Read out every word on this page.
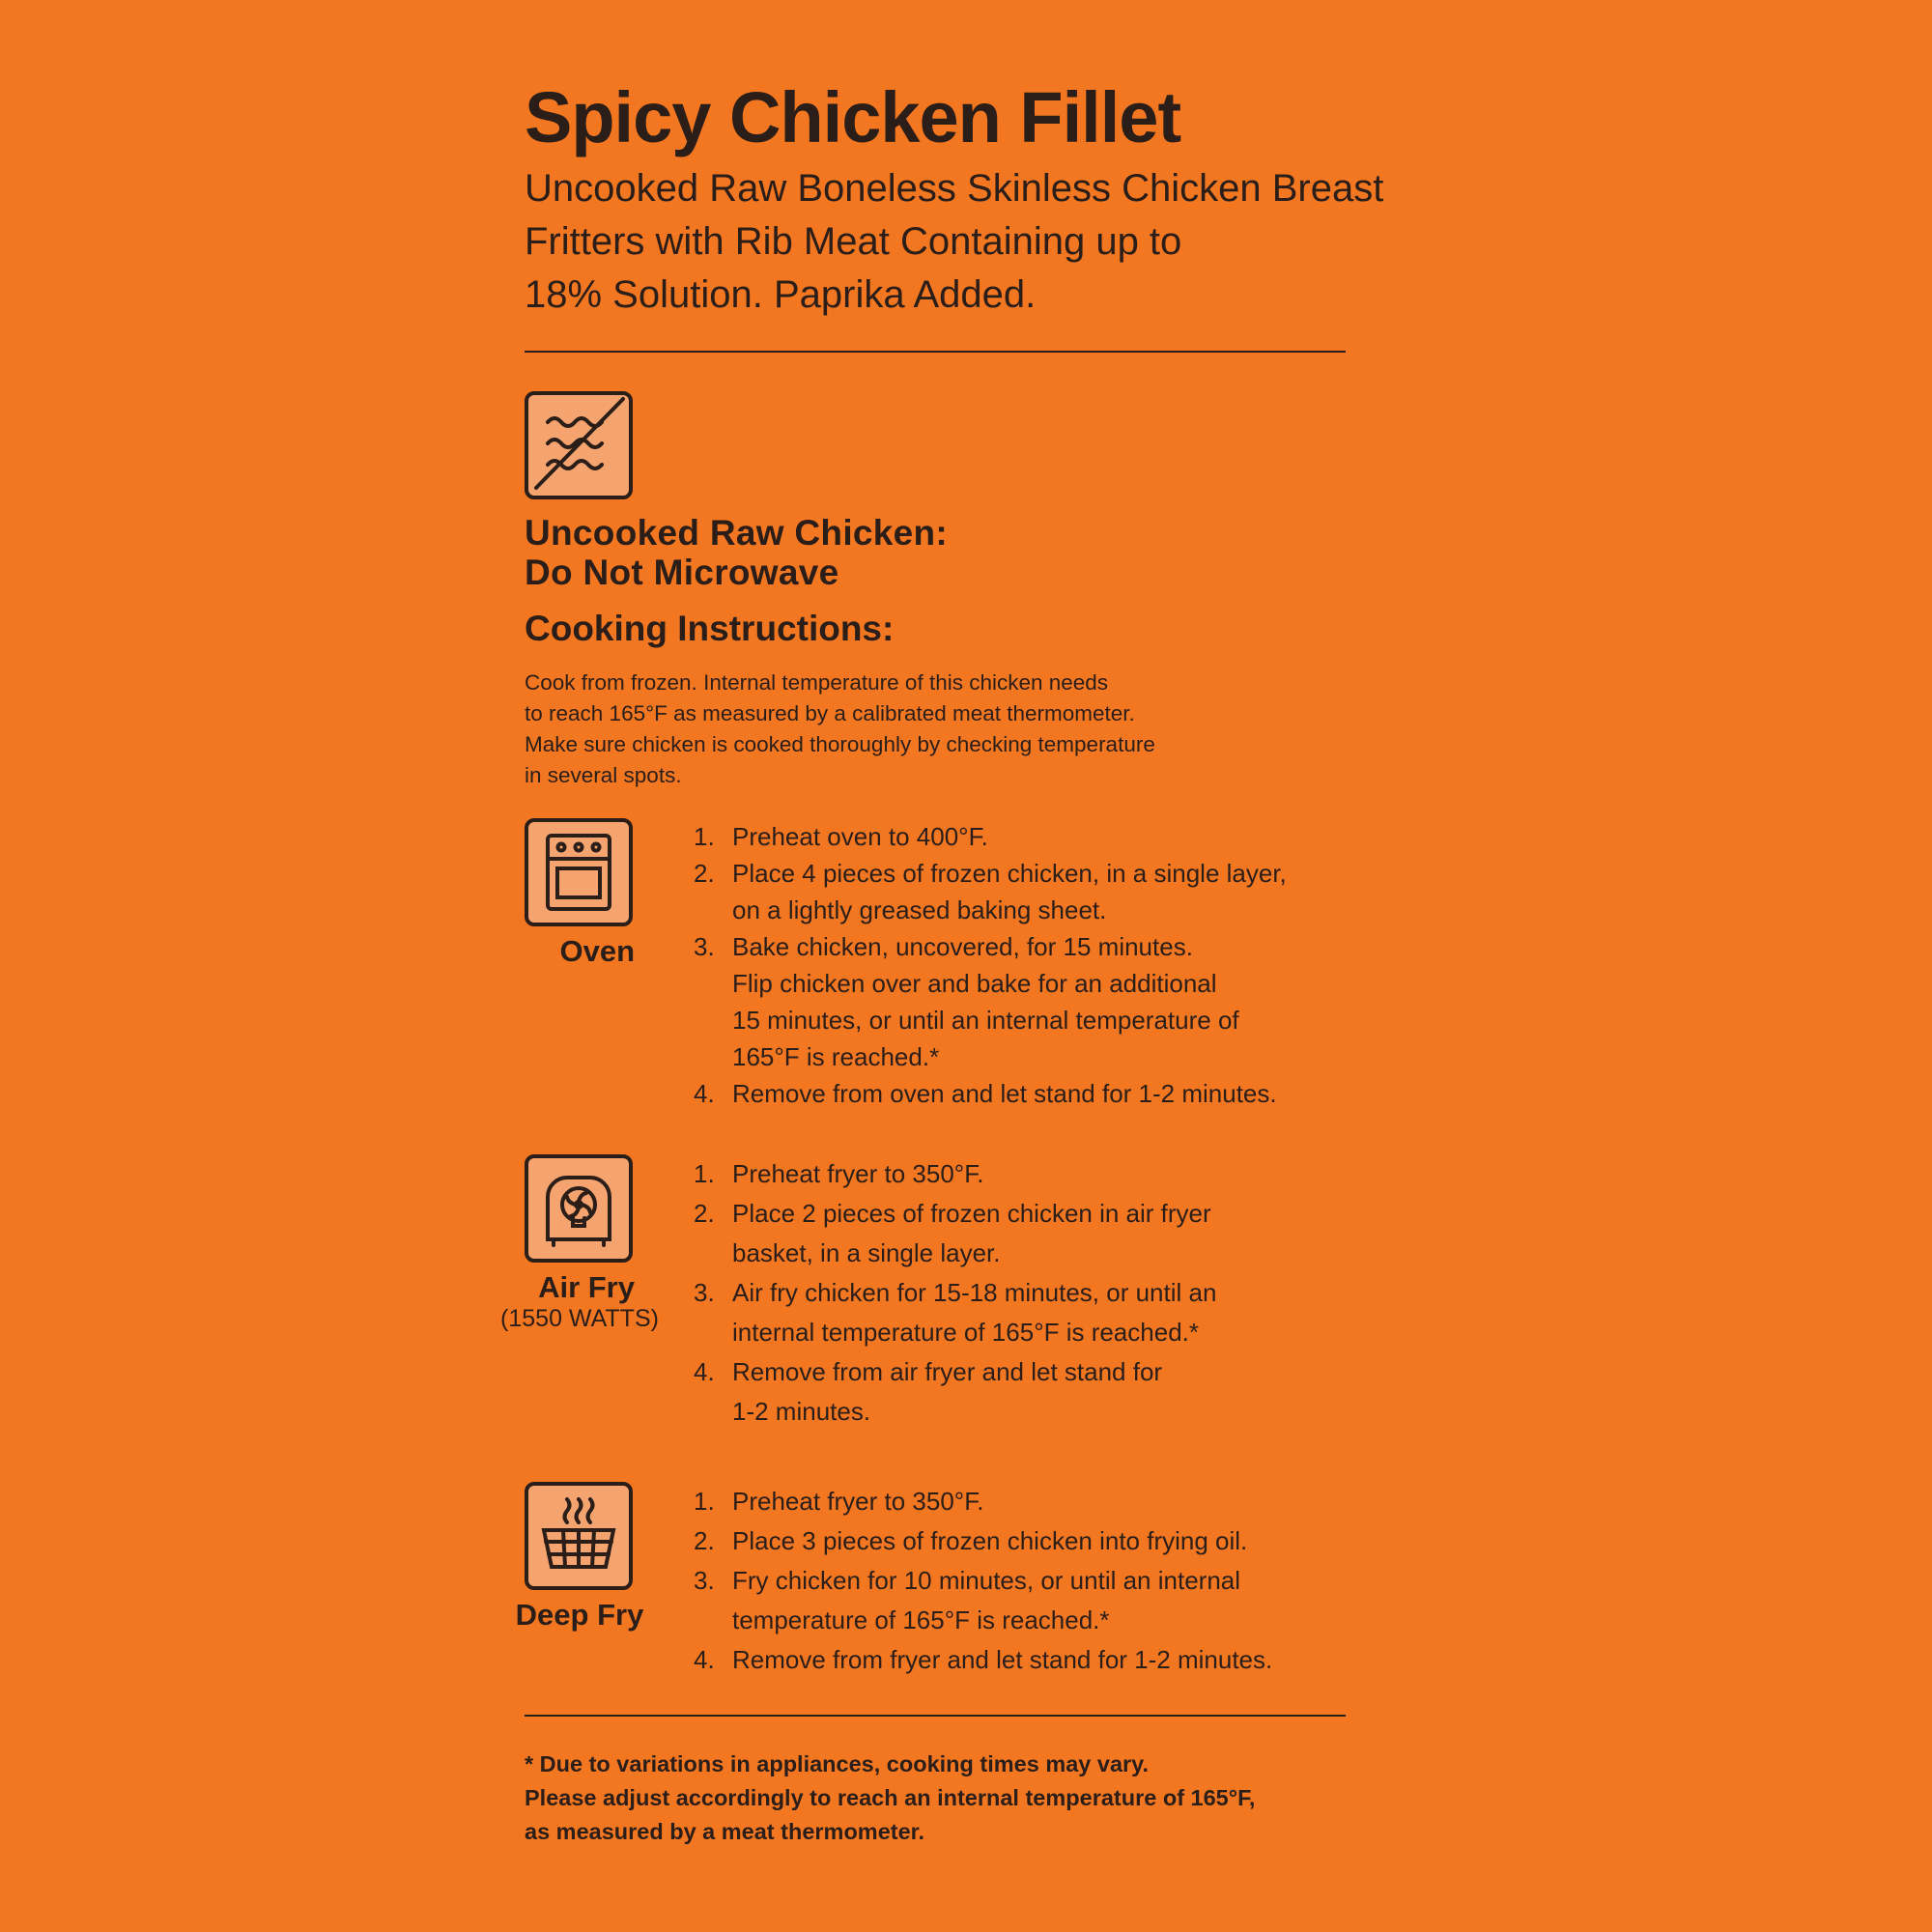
Spicy Chicken Fillet
Uncooked Raw Boneless Skinless Chicken Breast
Fritters with Rib Meat Containing up to
18% Solution. Paprika Added.
Uncooked Raw Chicken:
Do Not Microwave
Cooking Instructions:
Cook from frozen. Internal temperature of this chicken needs
to reach 165°F as measured by a calibrated meat thermometer.
Make sure chicken is cooked thoroughly by checking temperature
in several spots.
Oven
1. Preheat oven to 400°F.
2. Place 4 pieces of frozen chicken, in a single layer,
on a lightly greased baking sheet.
3. Bake chicken, uncovered, for 15 minutes.
Flip chicken over and bake for an additional
15 minutes, or until an internal temperature of
165°F is reached.*
4. Remove from oven and let stand for 1-2 minutes.
Air Fry (1550 WATTS)
1. Preheat fryer to 350°F.
2. Place 2 pieces of frozen chicken in air fryer
basket, in a single layer.
3. Air fry chicken for 15-18 minutes, or until an
internal temperature of 165°F is reached.*
4. Remove from air fryer and let stand for
1-2 minutes.
Deep Fry
1. Preheat fryer to 350°F.
2. Place 3 pieces of frozen chicken into frying oil.
3. Fry chicken for 10 minutes, or until an internal
temperature of 165°F is reached.*
4. Remove from fryer and let stand for 1-2 minutes.
* Due to variations in appliances, cooking times may vary.
Please adjust accordingly to reach an internal temperature of 165°F,
as measured by a meat thermometer.
